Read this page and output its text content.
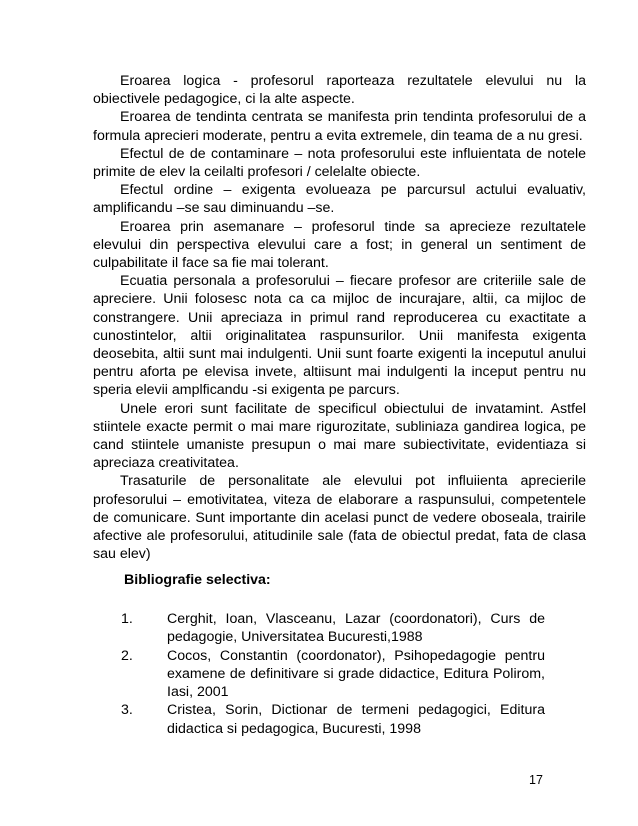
Eroarea logica - profesorul raporteaza rezultatele elevului nu la obiectivele pedagogice, ci la alte aspecte.

Eroarea de tendinta centrata se manifesta prin tendinta profesorului de a formula aprecieri moderate, pentru a evita extremele, din teama de a nu gresi.

Efectul de de contaminare – nota profesorului este influientata de notele primite de elev la ceilalti profesori / celelalte obiecte.

Efectul ordine – exigenta evolueaza pe parcursul actului evaluativ, amplificandu –se sau diminuandu –se.

Eroarea prin asemanare – profesorul tinde sa aprecieze rezultatele elevului din perspectiva elevului care a fost; in general un sentiment de culpabilitate il face sa fie mai tolerant.

Ecuatia personala a profesorului – fiecare profesor are criteriile sale de apreciere. Unii folosesc nota ca ca mijloc de incurajare, altii, ca mijloc de constrangere. Unii apreciaza in primul rand reproducerea cu exactitate a cunostintelor, altii originalitatea raspunsurilor. Unii manifesta exigenta deosebita, altii sunt mai indulgenti. Unii sunt foarte exigenti la inceputul anului pentru aforta pe elevisa invete, altiisunt mai indulgenti la inceput pentru nu speria elevii amplficandu -si exigenta pe parcurs.

Unele erori sunt facilitate de specificul obiectului de invatamint. Astfel stiintele exacte permit o mai mare rigurozitate, subliniaza gandirea logica, pe cand stiintele umaniste presupun o mai mare subiectivitate, evidentiaza si apreciaza creativitatea.

Trasaturile de personalitate ale elevului pot influiienta aprecierile profesorului – emotivitatea, viteza de elaborare a raspunsului, competentele de comunicare. Sunt importante din acelasi punct de vedere oboseala, trairile afective ale profesorului, atitudinile sale (fata de obiectul predat, fata de clasa sau elev)

Bibliografie selectiva:
1.	Cerghit, Ioan, Vlasceanu, Lazar (coordonatori), Curs de pedagogie, Universitatea Bucuresti,1988
2.	Cocos, Constantin (coordonator), Psihopedagogie pentru examene de definitivare si grade didactice, Editura Polirom, Iasi, 2001
3.	Cristea, Sorin, Dictionar de termeni pedagogici, Editura didactica si pedagogica, Bucuresti, 1998
17
